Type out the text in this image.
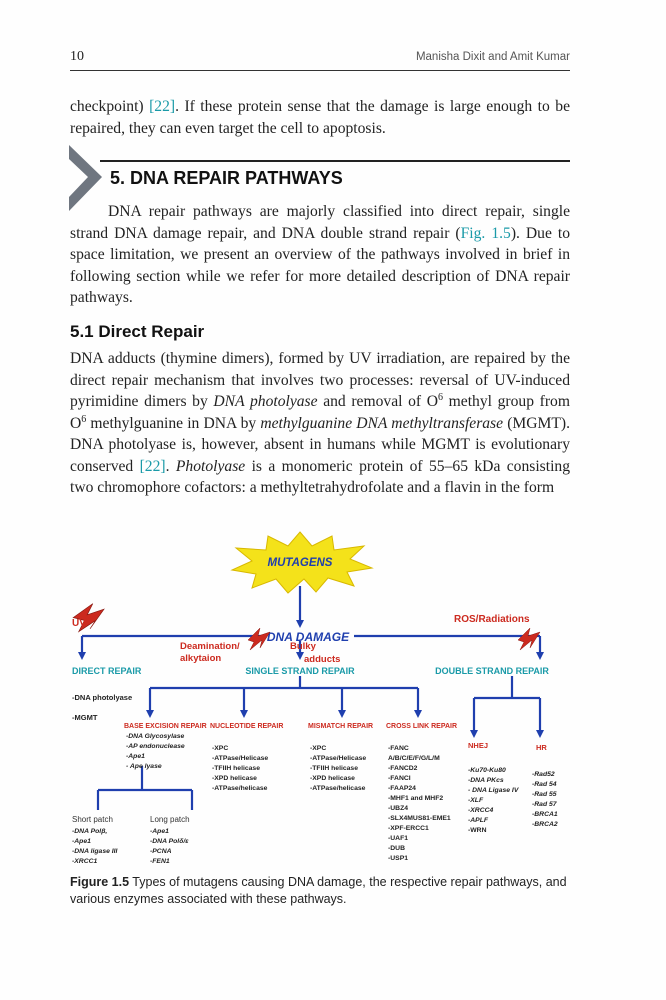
10	Manisha Dixit and Amit Kumar

checkpoint) [22]. If these protein sense that the damage is large enough to be repaired, they can even target the cell to apoptosis.

5. DNA REPAIR PATHWAYS

DNA repair pathways are majorly classified into direct repair, single strand DNA damage repair, and DNA double strand repair (Fig. 1.5). Due to space limitation, we present an overview of the pathways involved in brief in following section while we refer for more detailed description of DNA repair pathways.

5.1 Direct Repair

DNA adducts (thymine dimers), formed by UV irradiation, are repaired by the direct repair mechanism that involves two processes: reversal of UV-induced pyrimidine dimers by DNA photolyase and removal of $O^6$ methyl group from $O^6$ methylguanine in DNA by methylguanine DNA methyltransferase (MGMT). DNA photolyase is, however, absent in humans while MGMT is evolutionary conserved [22]. Photolyase is a monomeric protein of 55–65 kDa consisting two chromophore cofactors: a methyltetrahydrofolate and a flavin in the form

MUTAGENS
DNA DAMAGE
UV	ROS/Radiations
Deamination/
alkytaion
Bulky
adducts
DIRECT REPAIR	SINGLE STRAND REPAIR	DOUBLE STRAND REPAIR
-DNA photolyase
-MGMT
BASE EXCISION REPAIR NUCLEOTIDE REPAIR	MISMATCH REPAIR CROSS LINK REPAIR
NHEJ	HR
-DNA Glycosylase
-AP endonuclease
-Ape1
- Ape lyase
-XPC
-ATPase/Helicase
-TFIIH helicase
-XPD helicase
-ATPase/helicase
-XPC
-ATPase/Helicase
-TFIIH helicase
-XPD helicase
-ATPase/helicase
-FANC
A/B/C/E/F/G/L/M
-FANCD2
-FANCI
-FAAP24
-MHF1 and MHF2
-UBZ4
-SLX4MUS81-EME1
-XPF-ERCC1
-UAF1
-DUB
-USP1
-Ku70-Ku80
-DNA PKcs
- DNA Ligase IV
-XLF
-XRCC4
-APLF
-WRN
-Rad52
-Rad 54
-Rad 55
-Rad 57
-BRCA1
-BRCA2
Short patch
-DNA Polβ,
-Ape1
-DNA ligase III
-XRCC1
Long patch
-Ape1
-DNA Polδ/ε
-PCNA
-FEN1
Figure 1.5 Types of mutagens causing DNA damage, the respective repair pathways, and various enzymes associated with these pathways.
